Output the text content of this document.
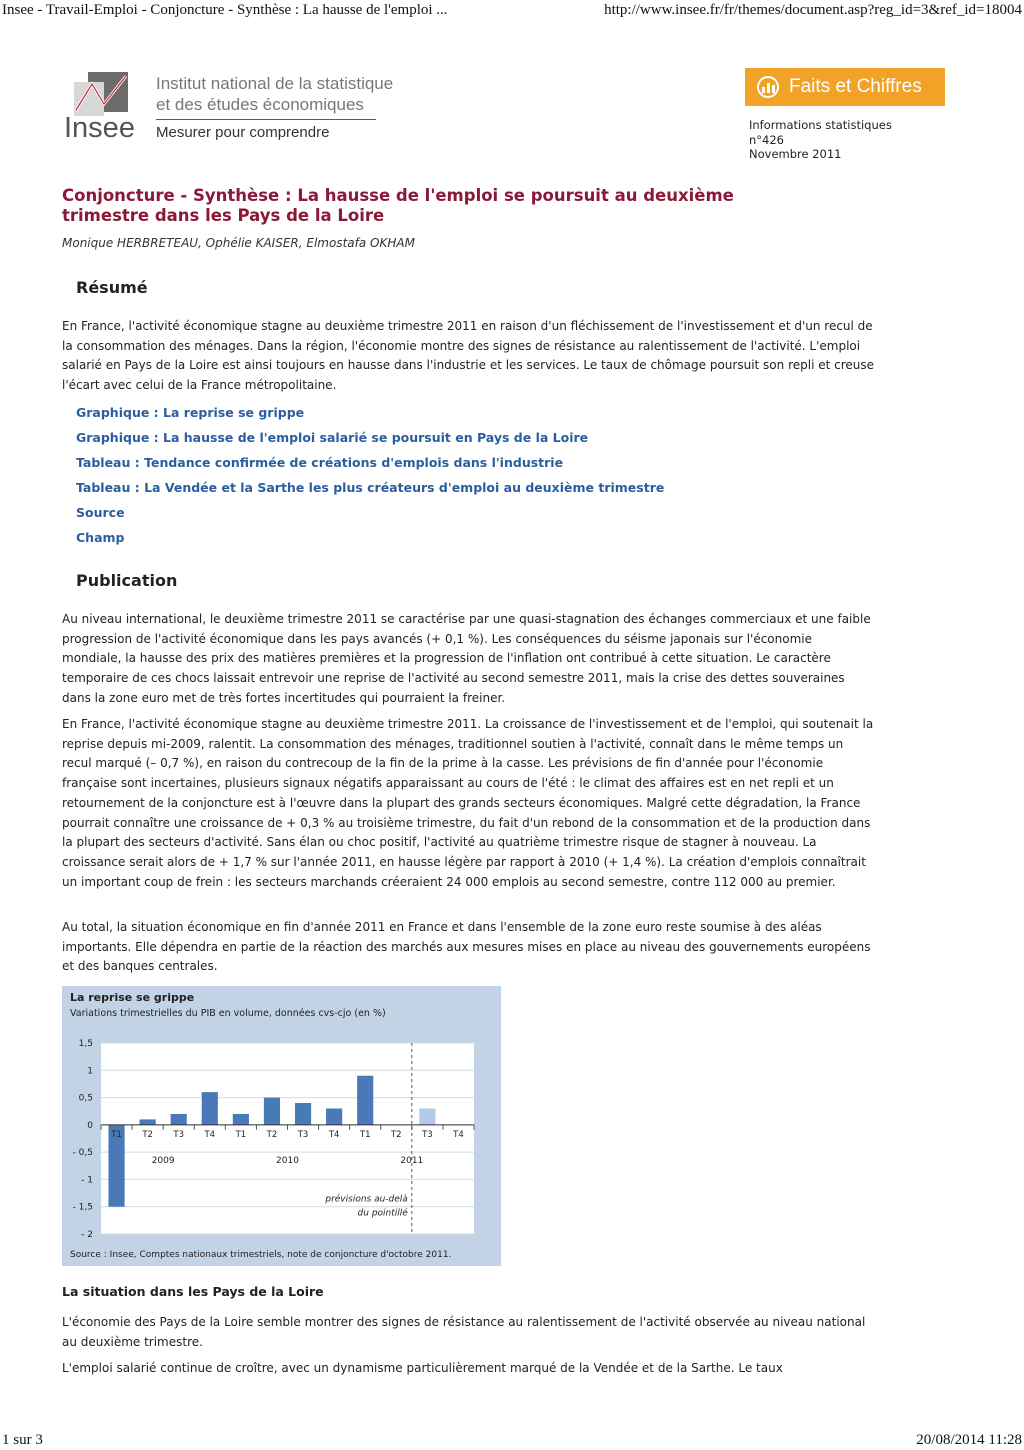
Insee - Travail-Emploi - Conjoncture - Synthèse : La hausse de l'emploi ...	http://www.insee.fr/fr/themes/document.asp?reg_id=3&ref_id=18004
1 sur 3	20/08/2014 11:28
Insee
Institut national de la statistique
et des études économiques
Mesurer pour comprendre
Faits et Chiffres
Informations statistiques
n°426
Novembre 2011
Conjoncture - Synthèse : La hausse de l'emploi se poursuit au deuxième trimestre dans les Pays de la Loire
Monique HERBRETEAU, Ophélie KAISER, Elmostafa OKHAM
Résumé

En France, l'activité économique stagne au deuxième trimestre 2011 en raison d'un fléchissement de l'investissement et d'un recul de la consommation des ménages. Dans la région, l'économie montre des signes de résistance au ralentissement de l'activité. L'emploi salarié en Pays de la Loire est ainsi toujours en hausse dans l'industrie et les services. Le taux de chômage poursuit son repli et creuse l'écart avec celui de la France métropolitaine.

Graphique : La reprise se grippe
Graphique : La hausse de l'emploi salarié se poursuit en Pays de la Loire
Tableau : Tendance confirmée de créations d'emplois dans l'industrie
Tableau : La Vendée et la Sarthe les plus créateurs d'emploi au deuxième trimestre
Source
Champ
Publication

Au niveau international, le deuxième trimestre 2011 se caractérise par une quasi-stagnation des échanges commerciaux et une faible progression de l'activité économique dans les pays avancés (+ 0,1 %). Les conséquences du séisme japonais sur l'économie mondiale, la hausse des prix des matières premières et la progression de l'inflation ont contribué à cette situation. Le caractère temporaire de ces chocs laissait entrevoir une reprise de l'activité au second semestre 2011, mais la crise des dettes souveraines dans la zone euro met de très fortes incertitudes qui pourraient la freiner.

En France, l'activité économique stagne au deuxième trimestre 2011. La croissance de l'investissement et de l'emploi, qui soutenait la reprise depuis mi-2009, ralentit. La consommation des ménages, traditionnel soutien à l'activité, connaît dans le même temps un recul marqué (– 0,7 %), en raison du contrecoup de la fin de la prime à la casse. Les prévisions de fin d'année pour l'économie française sont incertaines, plusieurs signaux négatifs apparaissant au cours de l'été : le climat des affaires est en net repli et un retournement de la conjoncture est à l'œuvre dans la plupart des grands secteurs économiques. Malgré cette dégradation, la France pourrait connaître une croissance de + 0,3 % au troisième trimestre, du fait d'un rebond de la consommation et de la production dans la plupart des secteurs d'activité. Sans élan ou choc positif, l'activité au quatrième trimestre risque de stagner à nouveau. La croissance serait alors de + 1,7 % sur l'année 2011, en hausse légère par rapport à 2010 (+ 1,4 %). La création d'emplois connaîtrait un important coup de frein : les secteurs marchands créeraient 24 000 emplois au second semestre, contre 112 000 au premier.

Au total, la situation économique en fin d'année 2011 en France et dans l'ensemble de la zone euro reste soumise à des aléas importants. Elle dépendra en partie de la réaction des marchés aux mesures mises en place au niveau des gouvernements européens et des banques centrales.

La reprise se grippe
Variations trimestrielles du PIB en volume, données cvs-cjo (en %)
1,5
1
0,5
0
- 0,5
- 1
- 1,5
- 2
T1 T2 T3 T4 T1 T2 T3 T4 T1 T2 T3 T4
2009	2010	2011
prévisions au-delà
du pointillé
Source : Insee, Comptes nationaux trimestriels, note de conjoncture d'octobre 2011.
La situation dans les Pays de la Loire

L'économie des Pays de la Loire semble montrer des signes de résistance au ralentissement de l'activité observée au niveau national au deuxième trimestre.

L'emploi salarié continue de croître, avec un dynamisme particulièrement marqué de la Vendée et de la Sarthe. Le taux
